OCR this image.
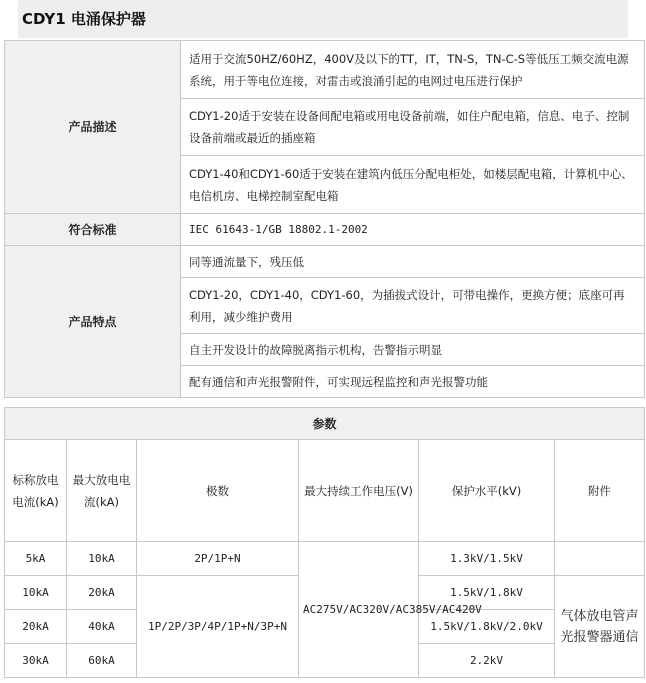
CDY1 电涌保护器
产品描述	适用于交流50HZ/60HZ，400V及以下的TT，IT，TN-S，TN-C-S等低压工频交流电源系统，用于等电位连接，对雷击或浪涌引起的电网过电压进行保护
	CDY1-20适于安装在设备间配电箱或用电设备前端，如住户配电箱，信息、电子、控制设备前端或最近的插座箱
	CDY1-40和CDY1-60适于安装在建筑内低压分配电柜处，如楼层配电箱，计算机中心、电信机房、电梯控制室配电箱
符合标准	IEC 61643-1/GB 18802.1-2002
产品特点	同等通流量下，残压低
	CDY1-20，CDY1-40，CDY1-60，为插拔式设计，可带电操作，更换方便；底座可再利用，减少维护费用
	自主开发设计的故障脱离指示机构，告警指示明显
	配有通信和声光报警附件，可实现远程监控和声光报警功能
参数					
标称放电电流(kA)	最大放电电流(kA)	极数	最大持续工作电压(V)	保护水平(kV)	附件
5kA	10kA	2P/1P+N	AC275V/AC320V/AC385V/AC420V	1.3kV/1.5kV	
10kA	20kA	1P/2P/3P/4P/1P+N/3P+N		1.5kV/1.8kV	气体放电管声光报警器通信
20kA	40kA			1.5kV/1.8kV/2.0kV	
30kA	60kA			2.2kV	
